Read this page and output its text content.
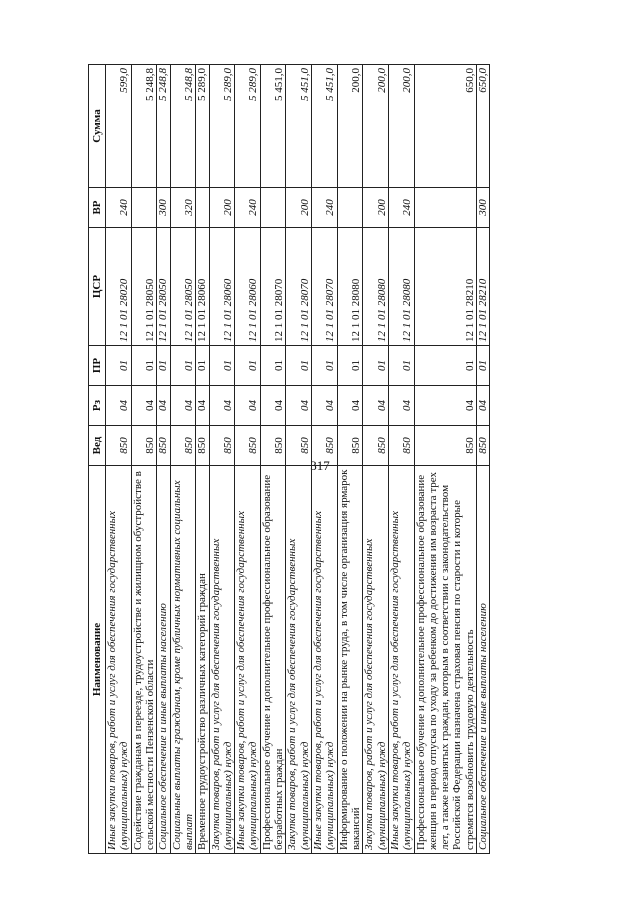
317
Наименование	Вед	Рз	ПР	ЦСР	ВР	Сумма
Иные закупки товаров, работ и услуг для обеспечения государственных (муниципальных) нужд	850	04	01	12 1 01 28020	240	599,0
Содействие гражданам в переезде, трудоустройстве и жилищном обустройстве в сельской местности Пензенской области	850	04	01	12 1 01 28050		5 248,8
Социальное обеспечение и иные выплаты населению	850	04	01	12 1 01 28050	300	5 248,8
Социальные выплаты гражданам, кроме публичных нормативных социальных выплат	850	04	01	12 1 01 28050	320	5 248,8
Временное трудоустройство различных категорий граждан	850	04	01	12 1 01 28060		5 289,0
Закупка товаров, работ и услуг для обеспечения государственных (муниципальных) нужд	850	04	01	12 1 01 28060	200	5 289,0
Иные закупки товаров, работ и услуг для обеспечения государственных (муниципальных) нужд	850	04	01	12 1 01 28060	240	5 289,0
Профессиональное обучение и дополнительное профессиональное образование безработных граждан	850	04	01	12 1 01 28070		5 451,0
Закупка товаров, работ и услуг для обеспечения государственных (муниципальных) нужд	850	04	01	12 1 01 28070	200	5 451,0
Иные закупки товаров, работ и услуг для обеспечения государственных (муниципальных) нужд	850	04	01	12 1 01 28070	240	5 451,0
Информирование о положении на рынке труда, в том числе организация ярмарок вакансий	850	04	01	12 1 01 28080		200,0
Закупка товаров, работ и услуг для обеспечения государственных (муниципальных) нужд	850	04	01	12 1 01 28080	200	200,0
Иные закупки товаров, работ и услуг для обеспечения государственных (муниципальных) нужд	850	04	01	12 1 01 28080	240	200,0
Профессиональное обучение и дополнительное профессиональное образование женщин в период отпуска по уходу за ребенком до достижения им возраста трех лет, а также незанятых граждан, которым в соответствии с законодательством Российской Федерации назначена страховая пенсия по старости и которые стремятся возобновить трудовую деятельность	850	04	01	12 1 01 28210		650,0
Социальное обеспечение и иные выплаты населению	850	04	01	12 1 01 28210	300	650,0
